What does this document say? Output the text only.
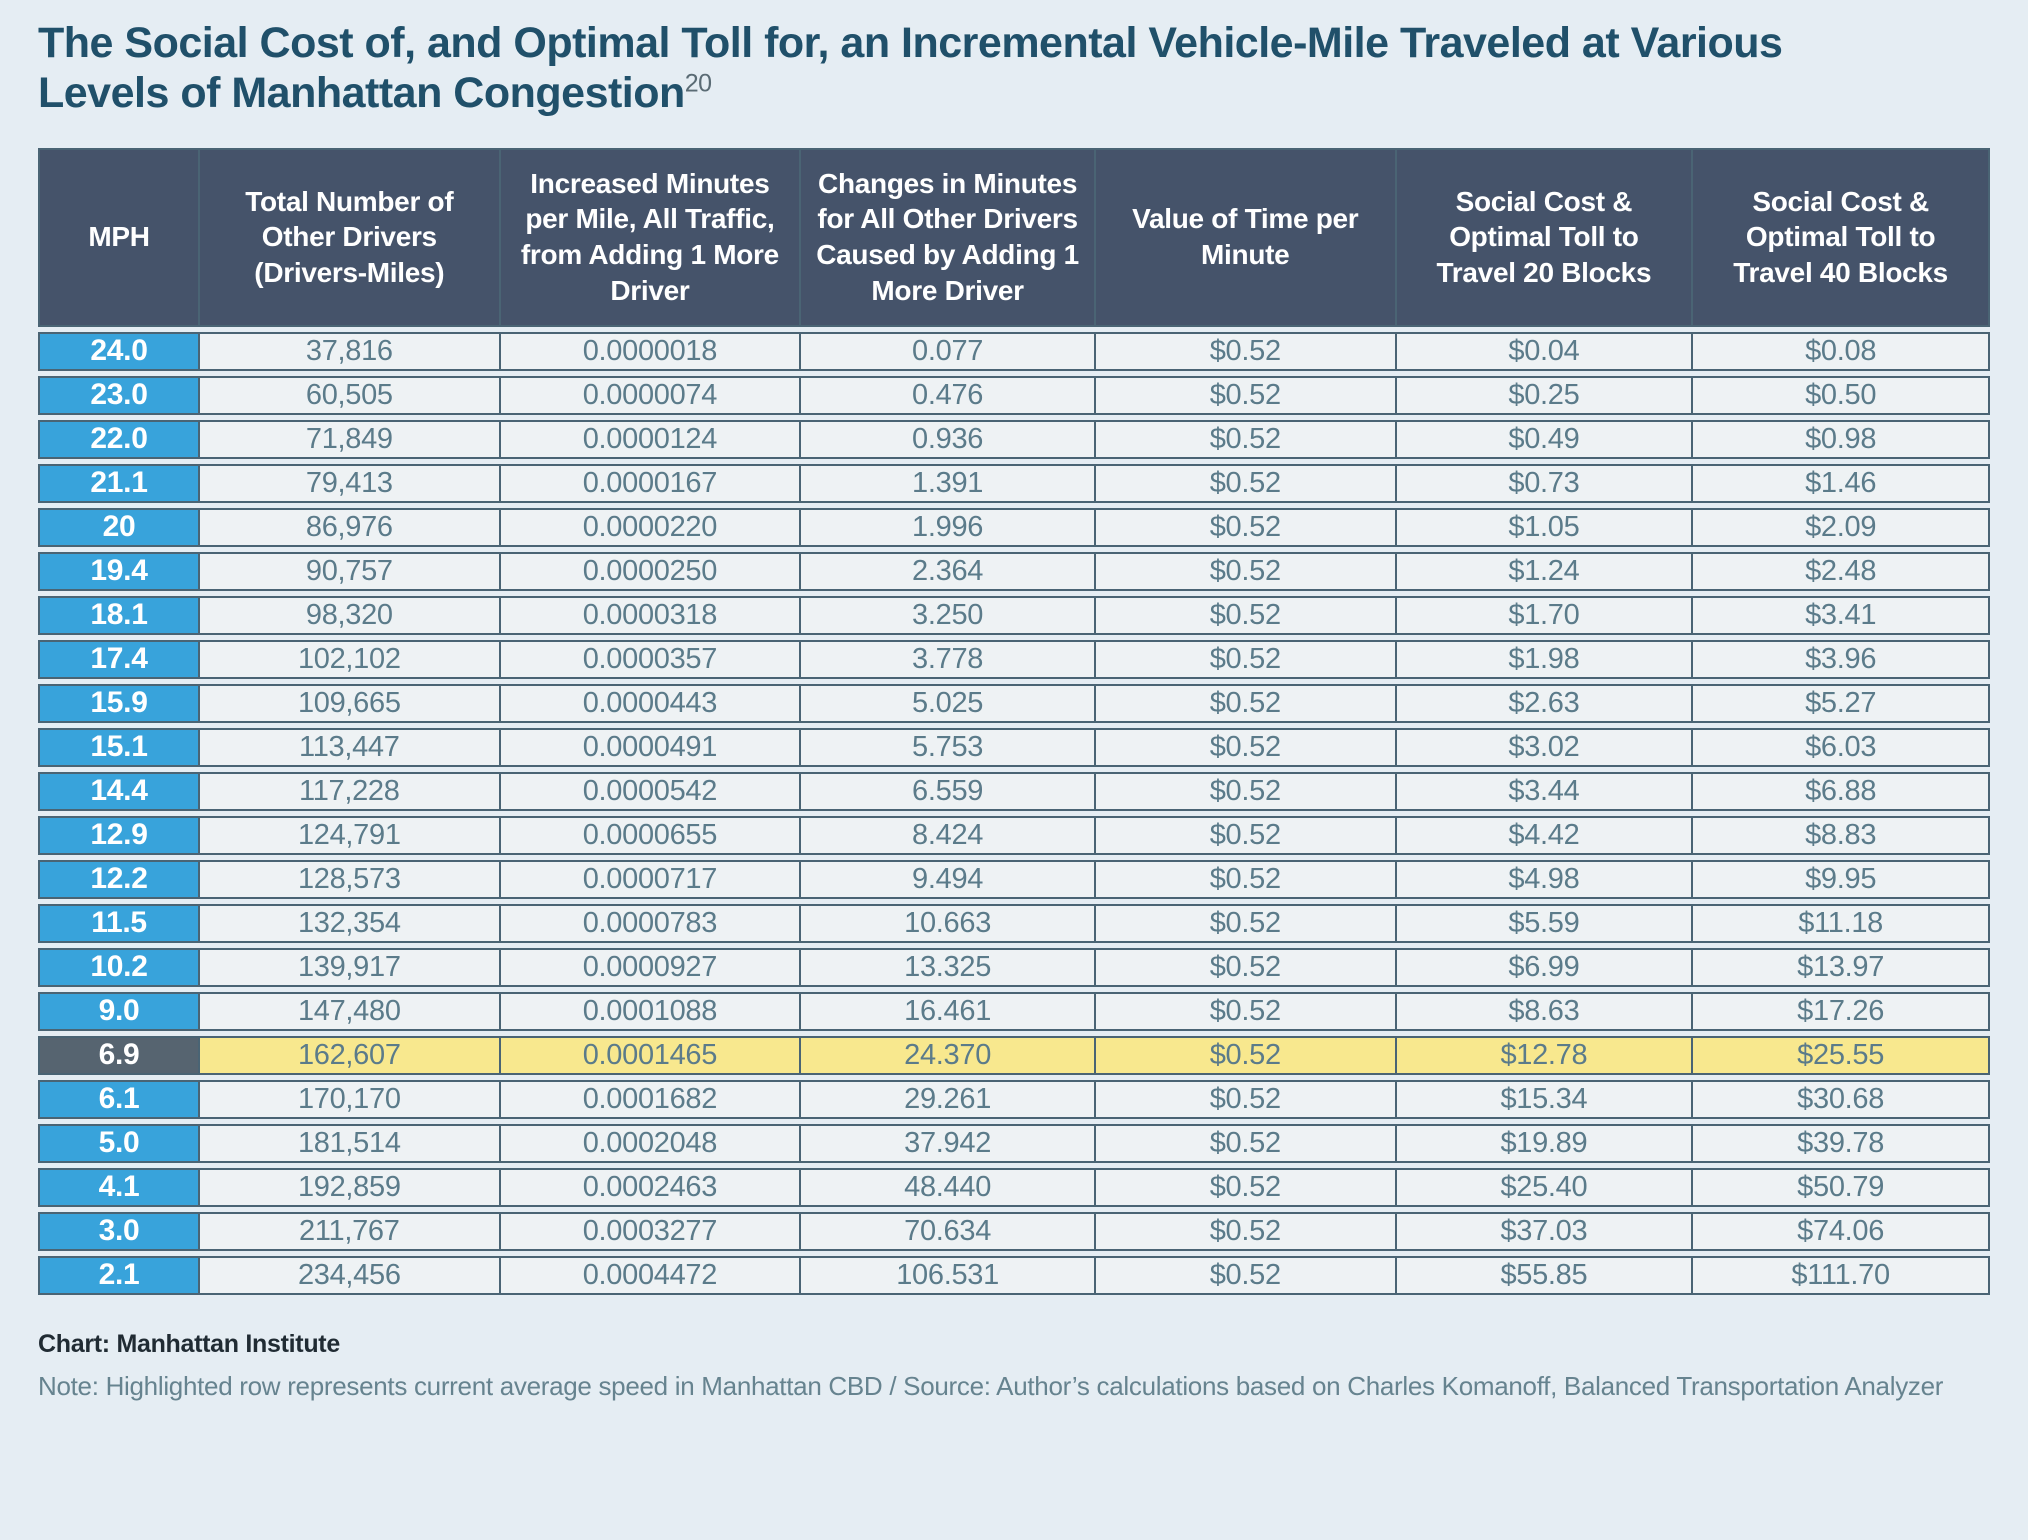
The Social Cost of, and Optimal Toll for, an Incremental Vehicle-Mile Traveled at Various
Levels of Manhattan Congestion$^{20}$
MPH	Total Number of Other Drivers (Drivers-Miles)	Increased Minutes per Mile, All Traffic, from Adding 1 More Driver	Changes in Minutes for All Other Drivers Caused by Adding 1 More Driver	Value of Time per Minute	Social Cost & Optimal Toll to Travel 20 Blocks	Social Cost & Optimal Toll to Travel 40 Blocks
24.0	37,816	0.0000018	0.077	$0.52	$0.04	$0.08
23.0	60,505	0.0000074	0.476	$0.52	$0.25	$0.50
22.0	71,849	0.0000124	0.936	$0.52	$0.49	$0.98
21.1	79,413	0.0000167	1.391	$0.52	$0.73	$1.46
20	86,976	0.0000220	1.996	$0.52	$1.05	$2.09
19.4	90,757	0.0000250	2.364	$0.52	$1.24	$2.48
18.1	98,320	0.0000318	3.250	$0.52	$1.70	$3.41
17.4	102,102	0.0000357	3.778	$0.52	$1.98	$3.96
15.9	109,665	0.0000443	5.025	$0.52	$2.63	$5.27
15.1	113,447	0.0000491	5.753	$0.52	$3.02	$6.03
14.4	117,228	0.0000542	6.559	$0.52	$3.44	$6.88
12.9	124,791	0.0000655	8.424	$0.52	$4.42	$8.83
12.2	128,573	0.0000717	9.494	$0.52	$4.98	$9.95
11.5	132,354	0.0000783	10.663	$0.52	$5.59	$11.18
10.2	139,917	0.0000927	13.325	$0.52	$6.99	$13.97
9.0	147,480	0.0001088	16.461	$0.52	$8.63	$17.26
6.9	162,607	0.0001465	24.370	$0.52	$12.78	$25.55
6.1	170,170	0.0001682	29.261	$0.52	$15.34	$30.68
5.0	181,514	0.0002048	37.942	$0.52	$19.89	$39.78
4.1	192,859	0.0002463	48.440	$0.52	$25.40	$50.79
3.0	211,767	0.0003277	70.634	$0.52	$37.03	$74.06
2.1	234,456	0.0004472	106.531	$0.52	$55.85	$111.70
Chart: Manhattan Institute
Note: Highlighted row represents current average speed in Manhattan CBD / Source: Author’s calculations based on Charles Komanoff, Balanced Transportation Analyzer
